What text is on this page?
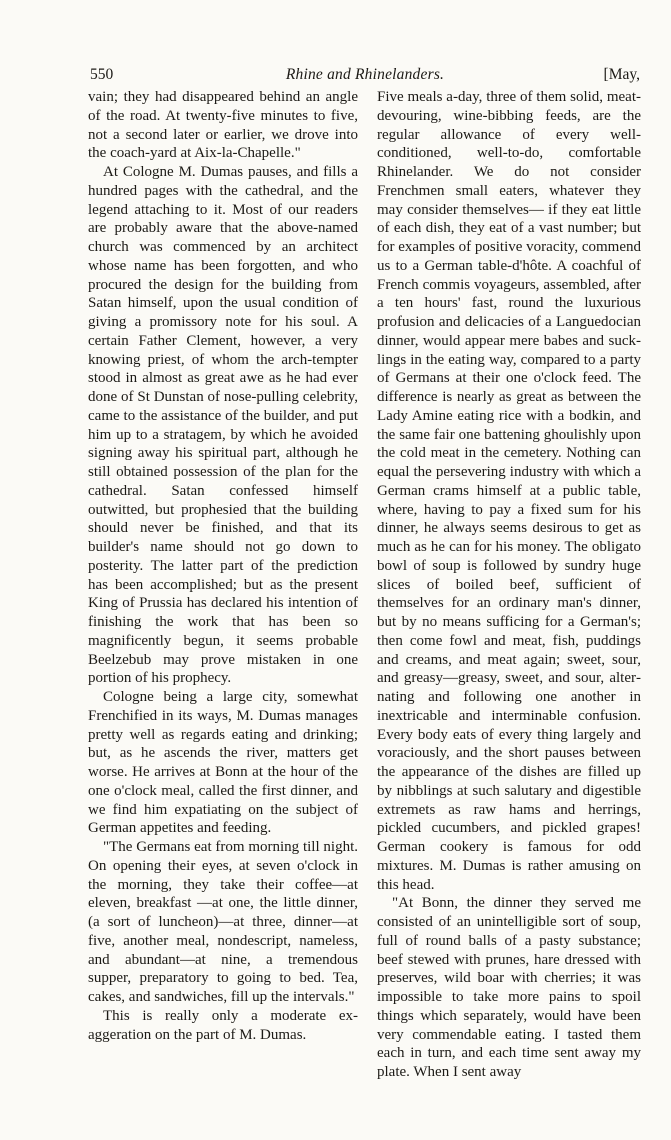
550	Rhine and Rhinelanders.	[May,

vain; they had disappeared behind an angle of the road. At twenty-five minutes to five, not a second later or earlier, we drove into the coach-yard at Aix-la-Chapelle."

At Cologne M. Dumas pauses, and fills a hundred pages with the cathedral, and the legend attaching to it. Most of our readers are probably aware that the above-named church was commenced by an architect whose name has been forgotten, and who procured the design for the building from Satan himself, upon the usual condition of giving a promissory note for his soul. A certain Father Clement, however, a very knowing priest, of whom the arch-tempter stood in almost as great awe as he had ever done of St Dunstan of nose-pulling celebrity, came to the assistance of the builder, and put him up to a stratagem, by which he avoided signing away his spiritual part, although he still obtained possession of the plan for the cathedral. Satan confessed himself outwitted, but prophesied that the building should never be finished, and that its builder's name should not go down to posterity. The latter part of the prediction has been accomplished; but as the present King of Prussia has declared his intention of finishing the work that has been so magnificently begun, it seems probable Beelzebub may prove mistaken in one portion of his prophecy.

Cologne being a large city, somewhat Frenchified in its ways, M. Dumas manages pretty well as regards eating and drinking; but, as he ascends the river, matters get worse. He arrives at Bonn at the hour of the one o'clock meal, called the first dinner, and we find him expatiating on the subject of German appetites and feeding.

"The Germans eat from morning till night. On opening their eyes, at seven o'clock in the morning, they take their coffee—at eleven, breakfast —at one, the little dinner, (a sort of luncheon)—at three, dinner—at five, another meal, nondescript, nameless, and abundant—at nine, a tremendous supper, preparatory to going to bed. Tea, cakes, and sandwiches, fill up the intervals."

This is really only a moderate exaggeration on the part of M. Dumas.

Five meals a-day, three of them solid, meat-devouring, wine-bibbing feeds, are the regular allowance of every well-conditioned, well-to-do, comfortable Rhinelander. We do not consider Frenchmen small eaters, whatever they may consider themselves— if they eat little of each dish, they eat of a vast number; but for examples of positive voracity, commend us to a German table-d'hôte. A coachful of French commis voyageurs, assembled, after a ten hours' fast, round the luxurious profusion and delicacies of a Languedocian dinner, would appear mere babes and sucklings in the eating way, compared to a party of Germans at their one o'clock feed. The difference is nearly as great as between the Lady Amine eating rice with a bodkin, and the same fair one battening ghoulishly upon the cold meat in the cemetery. Nothing can equal the persevering industry with which a German crams himself at a public table, where, having to pay a fixed sum for his dinner, he always seems desirous to get as much as he can for his money. The obligato bowl of soup is followed by sundry huge slices of boiled beef, sufficient of themselves for an ordinary man's dinner, but by no means sufficing for a German's; then come fowl and meat, fish, puddings and creams, and meat again; sweet, sour, and greasy—greasy, sweet, and sour, alternating and following one another in inextricable and interminable confusion. Every body eats of every thing largely and voraciously, and the short pauses between the appearance of the dishes are filled up by nibblings at such salutary and digestible extremets as raw hams and herrings, pickled cucumbers, and pickled grapes! German cookery is famous for odd mixtures. M. Dumas is rather amusing on this head.

"At Bonn, the dinner they served me consisted of an unintelligible sort of soup, full of round balls of a pasty substance; beef stewed with prunes, hare dressed with preserves, wild boar with cherries; it was impossible to take more pains to spoil things which separately, would have been very commendable eating. I tasted them each in turn, and each time sent away my plate. When I sent away
